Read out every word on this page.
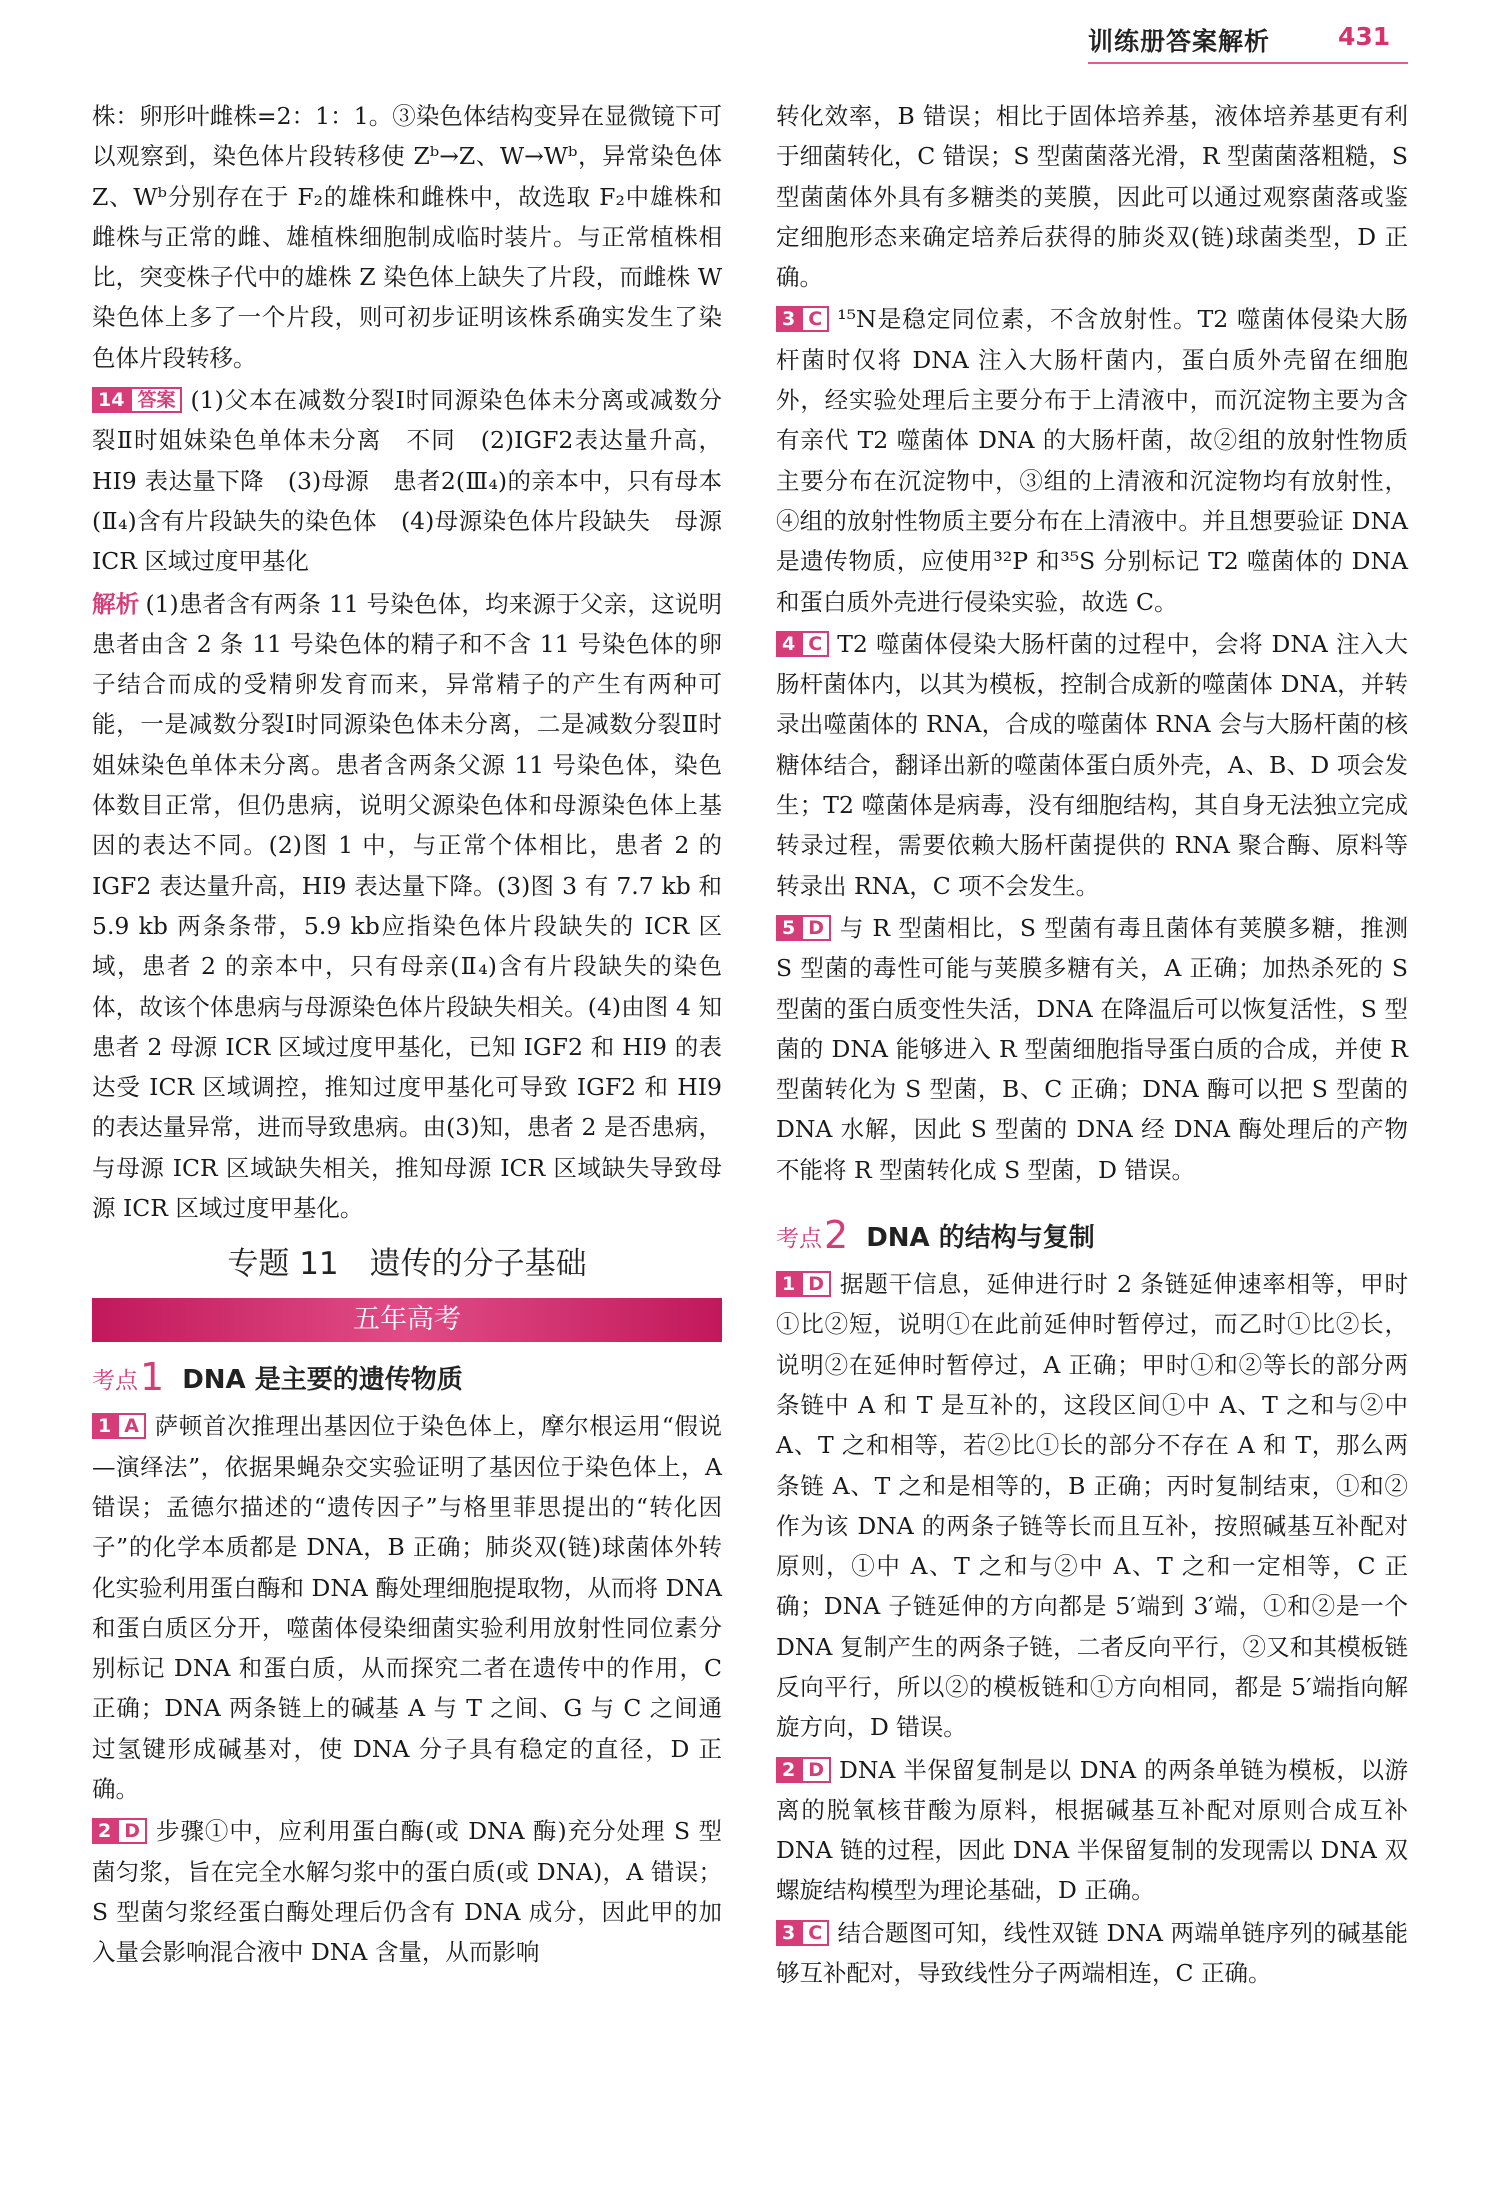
训练册答案解析	431

株：卵形叶雌株=2：1：1。③染色体结构变异在显微镜下可以观察到，染色体片段转移使 Zᵇ→Z、W→Wᵇ，异常染色体 Z、Wᵇ分别存在于 F₂的雄株和雌株中，故选取 F₂中雄株和雌株与正常的雌、雄植株细胞制成临时装片。与正常植株相比，突变株子代中的雄株 Z 染色体上缺失了片段，而雌株 W 染色体上多了一个片段，则可初步证明该株系确实发生了染色体片段转移。

14 答案 (1)父本在减数分裂Ⅰ时同源染色体未分离或减数分裂Ⅱ时姐妹染色单体未分离　不同　(2)IGF2表达量升高，HI9 表达量下降　(3)母源　患者2(Ⅲ₄)的亲本中，只有母本(Ⅱ₄)含有片段缺失的染色体　(4)母源染色体片段缺失　母源 ICR 区域过度甲基化

解析 (1)患者含有两条 11 号染色体，均来源于父亲，这说明患者由含 2 条 11 号染色体的精子和不含 11 号染色体的卵子结合而成的受精卵发育而来，异常精子的产生有两种可能，一是减数分裂Ⅰ时同源染色体未分离，二是减数分裂Ⅱ时姐妹染色单体未分离。患者含两条父源 11 号染色体，染色体数目正常，但仍患病，说明父源染色体和母源染色体上基因的表达不同。(2)图 1 中，与正常个体相比，患者 2 的 IGF2 表达量升高，HI9 表达量下降。(3)图 3 有 7.7 kb 和 5.9 kb 两条条带，5.9 kb应指染色体片段缺失的 ICR 区域，患者 2 的亲本中，只有母亲(Ⅱ₄)含有片段缺失的染色体，故该个体患病与母源染色体片段缺失相关。(4)由图 4 知患者 2 母源 ICR 区域过度甲基化，已知 IGF2 和 HI9 的表达受 ICR 区域调控，推知过度甲基化可导致 IGF2 和 HI9 的表达量异常，进而导致患病。由(3)知，患者 2 是否患病，与母源 ICR 区域缺失相关，推知母源 ICR 区域缺失导致母源 ICR 区域过度甲基化。

专题 11　遗传的分子基础
五年高考
考点1 DNA 是主要的遗传物质

1 A 萨顿首次推理出基因位于染色体上，摩尔根运用“假说—演绎法”，依据果蝇杂交实验证明了基因位于染色体上，A 错误；孟德尔描述的“遗传因子”与格里菲思提出的“转化因子”的化学本质都是 DNA，B 正确；肺炎双(链)球菌体外转化实验利用蛋白酶和 DNA 酶处理细胞提取物，从而将 DNA 和蛋白质区分开，噬菌体侵染细菌实验利用放射性同位素分别标记 DNA 和蛋白质，从而探究二者在遗传中的作用，C 正确；DNA 两条链上的碱基 A 与 T 之间、G 与 C 之间通过氢键形成碱基对，使 DNA 分子具有稳定的直径，D 正确。

2 D 步骤①中，应利用蛋白酶(或 DNA 酶)充分处理 S 型菌匀浆，旨在完全水解匀浆中的蛋白质(或 DNA)，A 错误；S 型菌匀浆经蛋白酶处理后仍含有 DNA 成分，因此甲的加入量会影响混合液中 DNA 含量，从而影响

转化效率，B 错误；相比于固体培养基，液体培养基更有利于细菌转化，C 错误；S 型菌菌落光滑，R 型菌菌落粗糙，S 型菌菌体外具有多糖类的荚膜，因此可以通过观察菌落或鉴定细胞形态来确定培养后获得的肺炎双(链)球菌类型，D 正确。

3 C ¹⁵N是稳定同位素，不含放射性。T2 噬菌体侵染大肠杆菌时仅将 DNA 注入大肠杆菌内，蛋白质外壳留在细胞外，经实验处理后主要分布于上清液中，而沉淀物主要为含有亲代 T2 噬菌体 DNA 的大肠杆菌，故②组的放射性物质主要分布在沉淀物中，③组的上清液和沉淀物均有放射性，④组的放射性物质主要分布在上清液中。并且想要验证 DNA 是遗传物质，应使用³²P 和³⁵S 分别标记 T2 噬菌体的 DNA 和蛋白质外壳进行侵染实验，故选 C。

4 C T2 噬菌体侵染大肠杆菌的过程中，会将 DNA 注入大肠杆菌体内，以其为模板，控制合成新的噬菌体 DNA，并转录出噬菌体的 RNA，合成的噬菌体 RNA 会与大肠杆菌的核糖体结合，翻译出新的噬菌体蛋白质外壳，A、B、D 项会发生；T2 噬菌体是病毒，没有细胞结构，其自身无法独立完成转录过程，需要依赖大肠杆菌提供的 RNA 聚合酶、原料等转录出 RNA，C 项不会发生。

5 D 与 R 型菌相比，S 型菌有毒且菌体有荚膜多糖，推测 S 型菌的毒性可能与荚膜多糖有关，A 正确；加热杀死的 S 型菌的蛋白质变性失活，DNA 在降温后可以恢复活性，S 型菌的 DNA 能够进入 R 型菌细胞指导蛋白质的合成，并使 R 型菌转化为 S 型菌，B、C 正确；DNA 酶可以把 S 型菌的 DNA 水解，因此 S 型菌的 DNA 经 DNA 酶处理后的产物不能将 R 型菌转化成 S 型菌，D 错误。

考点2 DNA 的结构与复制

1 D 据题干信息，延伸进行时 2 条链延伸速率相等，甲时①比②短，说明①在此前延伸时暂停过，而乙时①比②长，说明②在延伸时暂停过，A 正确；甲时①和②等长的部分两条链中 A 和 T 是互补的，这段区间①中 A、T 之和与②中 A、T 之和相等，若②比①长的部分不存在 A 和 T，那么两条链 A、T 之和是相等的，B 正确；丙时复制结束，①和②作为该 DNA 的两条子链等长而且互补，按照碱基互补配对原则，①中 A、T 之和与②中 A、T 之和一定相等，C 正确；DNA 子链延伸的方向都是 5′端到 3′端，①和②是一个 DNA 复制产生的两条子链，二者反向平行，②又和其模板链反向平行，所以②的模板链和①方向相同，都是 5′端指向解旋方向，D 错误。

2 D DNA 半保留复制是以 DNA 的两条单链为模板，以游离的脱氧核苷酸为原料，根据碱基互补配对原则合成互补 DNA 链的过程，因此 DNA 半保留复制的发现需以 DNA 双螺旋结构模型为理论基础，D 正确。

3 C 结合题图可知，线性双链 DNA 两端单链序列的碱基能够互补配对，导致线性分子两端相连，C 正确。
